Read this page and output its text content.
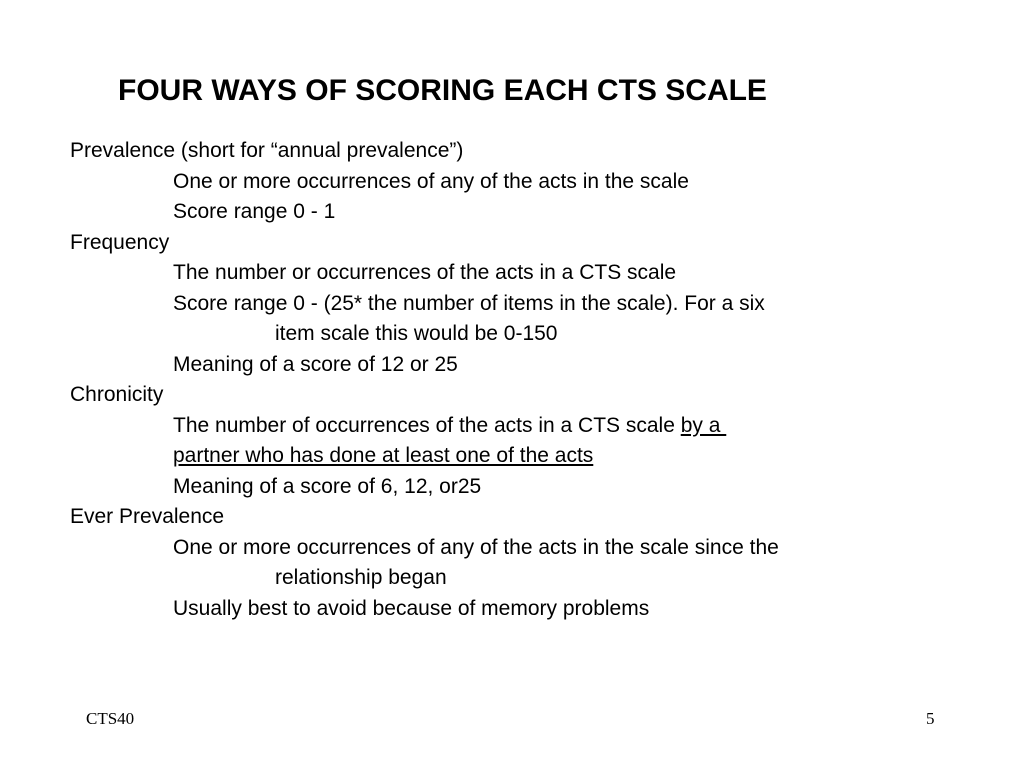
FOUR WAYS OF SCORING EACH CTS SCALE
Prevalence (short for “annual prevalence”)
One or more occurrences of any of the acts in the scale
Score range 0 - 1
Frequency
The number or occurrences of the acts in a CTS scale
Score range 0 - (25* the number of items in the scale). For a six
item scale this would be 0-150
Meaning of a score of 12 or 25
Chronicity
The number of occurrences of the acts in a CTS scale by a
partner who has done at least one of the acts
Meaning of a score of 6, 12, or25
Ever Prevalence
One or more occurrences of any of the acts in the scale since the
relationship began
Usually best to avoid because of memory problems
CTS40	5
